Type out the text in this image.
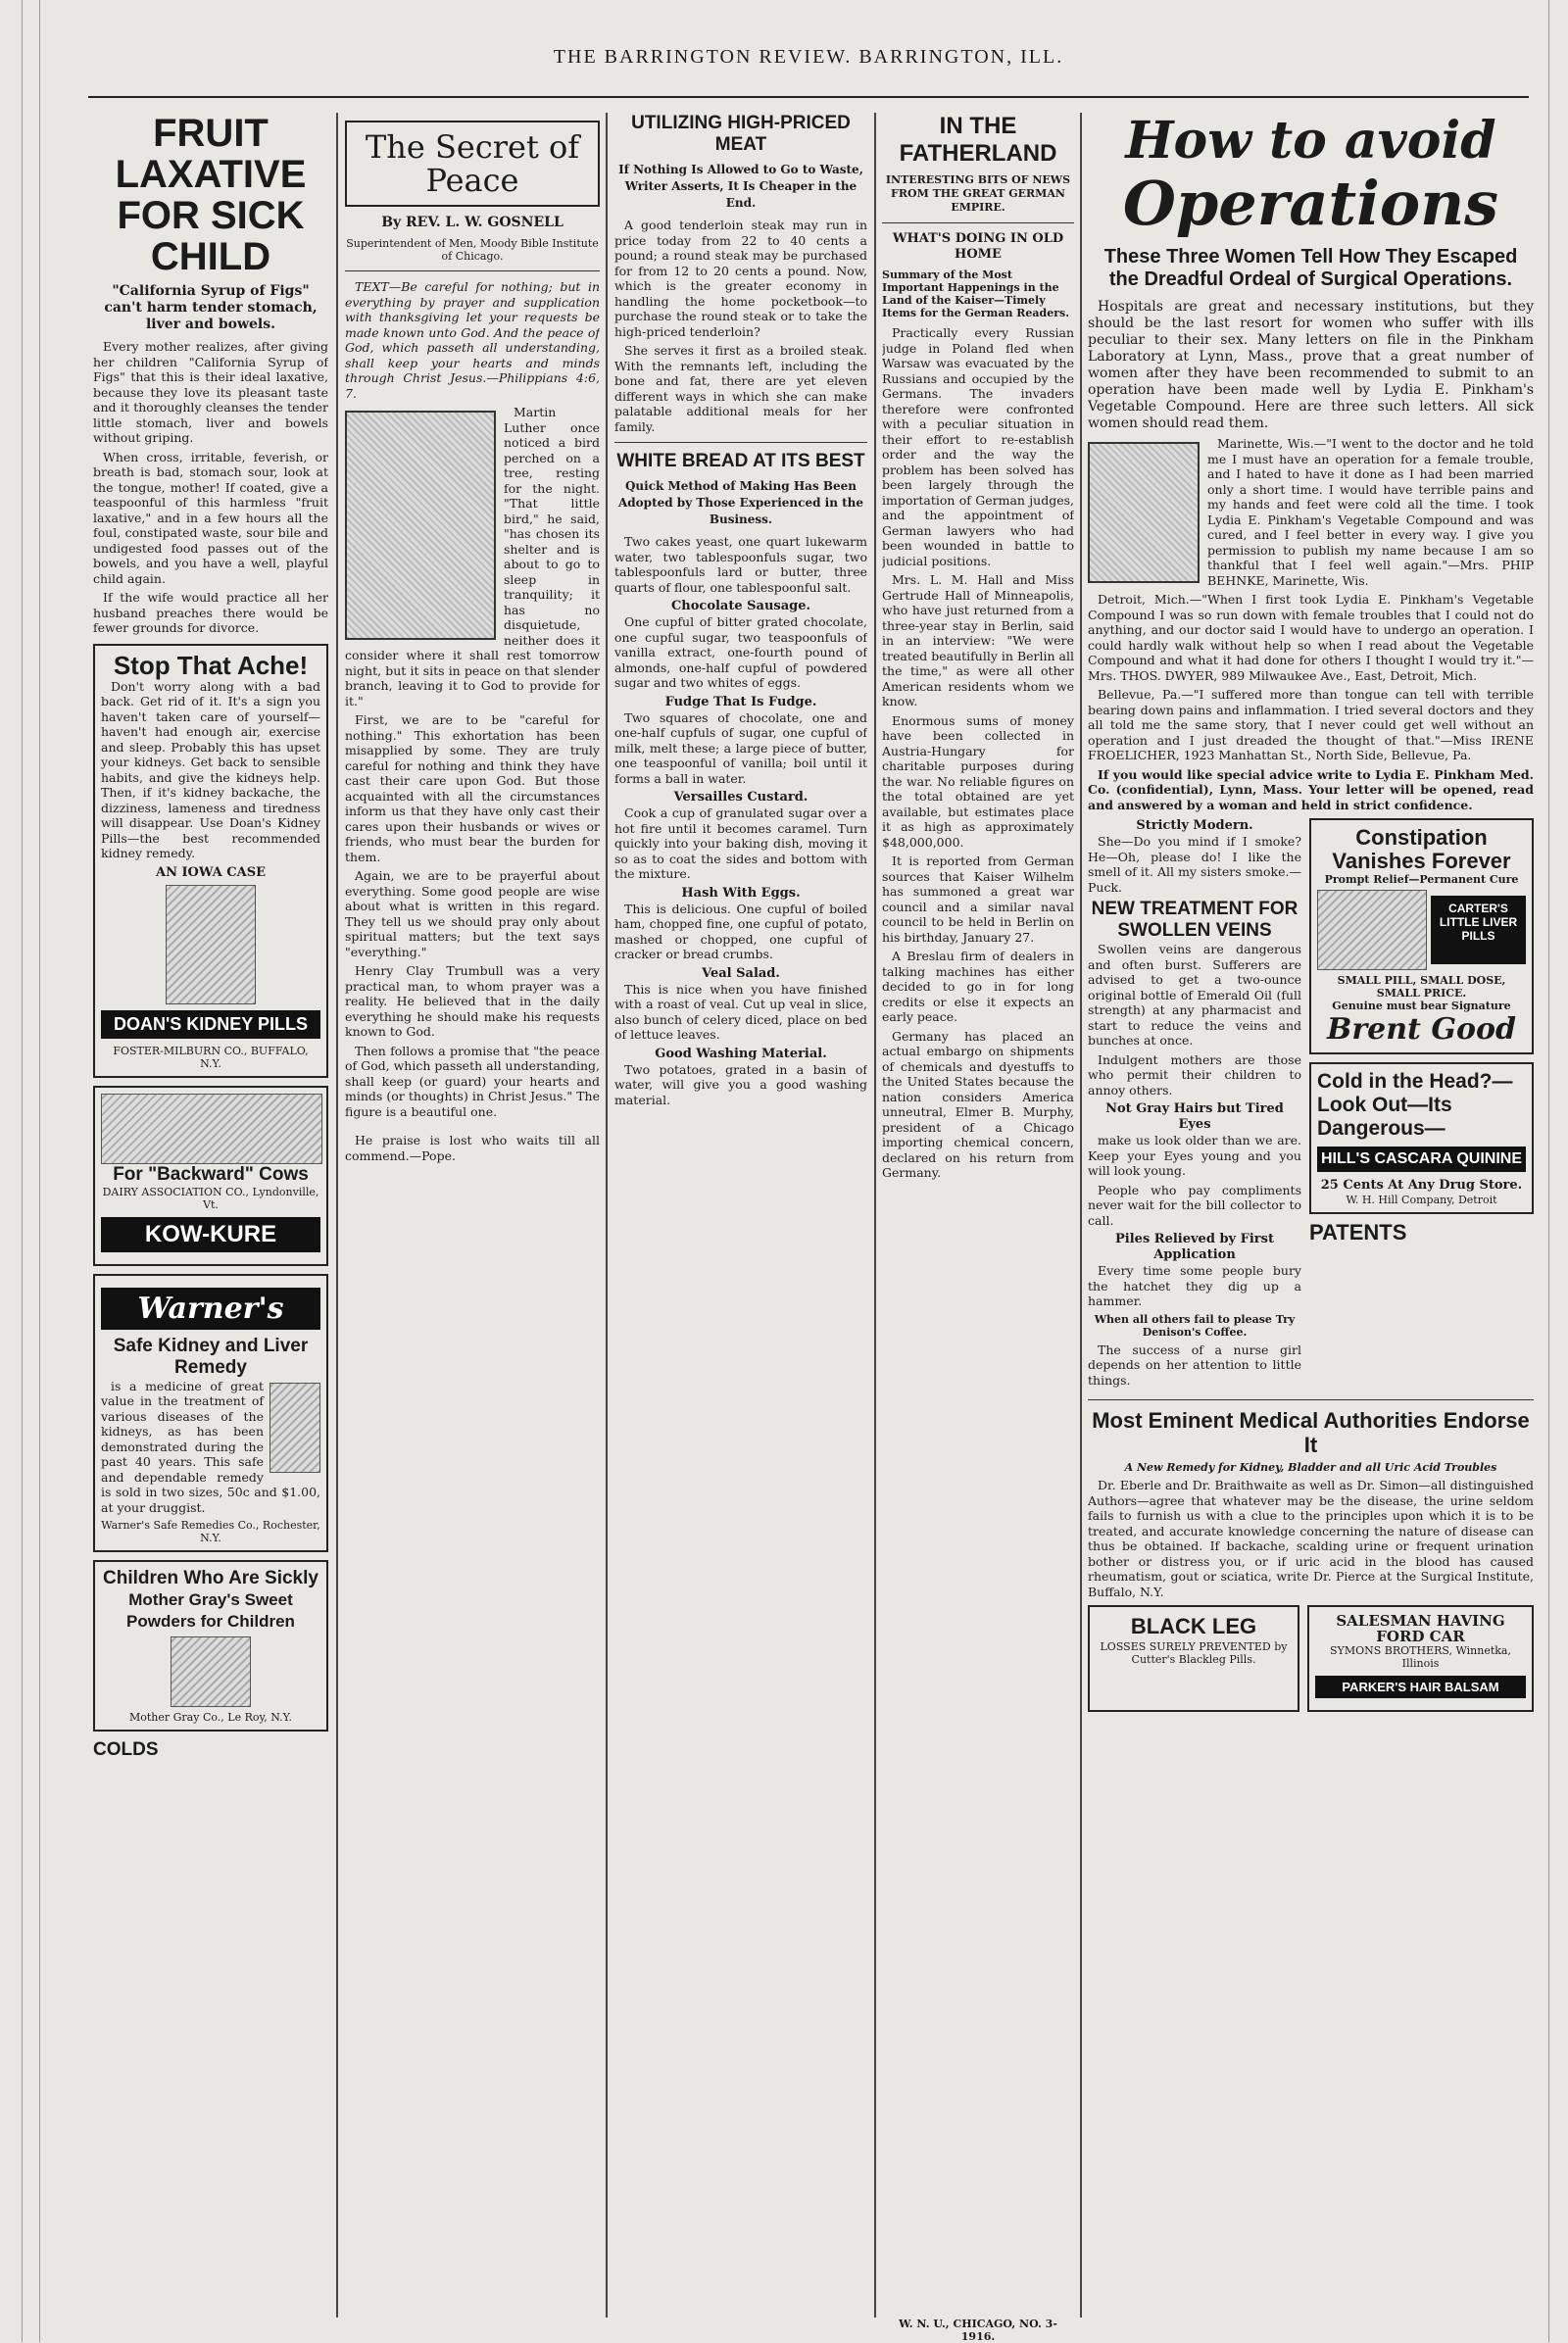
THE BARRINGTON REVIEW. BARRINGTON, ILL.
FRUIT LAXATIVE FOR SICK CHILD
"California Syrup of Figs" can't harm tender stomach, liver and bowels.

Every mother realizes, after giving her children "California Syrup of Figs" that this is their ideal laxative, because they love its pleasant taste and it thoroughly cleanses the tender little stomach, liver and bowels without griping.

When cross, irritable, feverish, or breath is bad, stomach sour, look at the tongue, mother! If coated, give a teaspoonful of this harmless "fruit laxative," and in a few hours all the foul, constipated waste, sour bile and undigested food passes out of the bowels, and you have a well, playful child again.

If the wife would practice all her husband preaches there would be fewer grounds for divorce.

Stop That Ache!

Don't worry along with a bad back. Get rid of it. It's a sign you haven't taken care of yourself—haven't had enough air, exercise and sleep. Probably this has upset your kidneys. Get back to sensible habits, and give the kidneys help. Then, if it's kidney backache, the dizziness, lameness and tiredness will disappear. Use Doan's Kidney Pills—the best recommended kidney remedy.

AN IOWA CASE
DOAN'S KIDNEY PILLS
FOSTER-MILBURN CO., BUFFALO, N.Y.
For "Backward" Cows
DAIRY ASSOCIATION CO., Lyndonville, Vt.
KOW-KURE
Warner's
Safe Kidney and Liver Remedy

is a medicine of great value in the treatment of various diseases of the kidneys, as has been demonstrated during the past 40 years. This safe and dependable remedy is sold in two sizes, 50c and $1.00, at your druggist.

Warner's Safe Remedies Co., Rochester, N.Y.
Children Who Are Sickly
Mother Gray's Sweet Powders for Children
Mother Gray Co., Le Roy, N.Y.
COLDS
The Secret of Peace
By REV. L. W. GOSNELL
Superintendent of Men, Moody Bible Institute of Chicago.

TEXT—Be careful for nothing; but in everything by prayer and supplication with thanksgiving let your requests be made known unto God. And the peace of God, which passeth all understanding, shall keep your hearts and minds through Christ Jesus.—Philippians 4:6, 7.

Martin Luther once noticed a bird perched on a tree, resting for the night. "That little bird," he said, "has chosen its shelter and is about to go to sleep in tranquility; it has no disquietude, neither does it consider where it shall rest tomorrow night, but it sits in peace on that slender branch, leaving it to God to provide for it."

First, we are to be "careful for nothing." This exhortation has been misapplied by some. They are truly careful for nothing and think they have cast their care upon God. But those acquainted with all the circumstances inform us that they have only cast their cares upon their husbands or wives or friends, who must bear the burden for them.

Again, we are to be prayerful about everything. Some good people are wise about what is written in this regard. They tell us we should pray only about spiritual matters; but the text says "everything."

Henry Clay Trumbull was a very practical man, to whom prayer was a reality. He believed that in the daily everything he should make his requests known to God.

Then follows a promise that "the peace of God, which passeth all understanding, shall keep (or guard) your hearts and minds (or thoughts) in Christ Jesus." The figure is a beautiful one.

He praise is lost who waits till all commend.—Pope.

UTILIZING HIGH-PRICED MEAT
If Nothing Is Allowed to Go to Waste, Writer Asserts, It Is Cheaper in the End.

A good tenderloin steak may run in price today from 22 to 40 cents a pound; a round steak may be purchased for from 12 to 20 cents a pound. Now, which is the greater economy in handling the home pocketbook—to purchase the round steak or to take the high-priced tenderloin?

She serves it first as a broiled steak. With the remnants left, including the bone and fat, there are yet eleven different ways in which she can make palatable additional meals for her family.

WHITE BREAD AT ITS BEST
Quick Method of Making Has Been Adopted by Those Experienced in the Business.

Two cakes yeast, one quart lukewarm water, two tablespoonfuls sugar, two tablespoonfuls lard or butter, three quarts of flour, one tablespoonful salt.

Chocolate Sausage.

One cupful of bitter grated chocolate, one cupful sugar, two teaspoonfuls of vanilla extract, one-fourth pound of almonds, one-half cupful of powdered sugar and two whites of eggs.

Fudge That Is Fudge.

Two squares of chocolate, one and one-half cupfuls of sugar, one cupful of milk, melt these; a large piece of butter, one teaspoonful of vanilla; boil until it forms a ball in water.

Versailles Custard.

Cook a cup of granulated sugar over a hot fire until it becomes caramel. Turn quickly into your baking dish, moving it so as to coat the sides and bottom with the mixture.

Hash With Eggs.

This is delicious. One cupful of boiled ham, chopped fine, one cupful of potato, mashed or chopped, one cupful of cracker or bread crumbs.

Veal Salad.

This is nice when you have finished with a roast of veal. Cut up veal in slice, also bunch of celery diced, place on bed of lettuce leaves.

Good Washing Material.

Two potatoes, grated in a basin of water, will give you a good washing material.

IN THE FATHERLAND
INTERESTING BITS OF NEWS FROM THE GREAT GERMAN EMPIRE.
WHAT'S DOING IN OLD HOME
Summary of the Most Important Happenings in the Land of the Kaiser—Timely Items for the German Readers.

Practically every Russian judge in Poland fled when Warsaw was evacuated by the Russians and occupied by the Germans. The invaders therefore were confronted with a peculiar situation in their effort to re-establish order and the way the problem has been solved has been largely through the importation of German judges, and the appointment of German lawyers who had been wounded in battle to judicial positions.

Mrs. L. M. Hall and Miss Gertrude Hall of Minneapolis, who have just returned from a three-year stay in Berlin, said in an interview: "We were treated beautifully in Berlin all the time," as were all other American residents whom we know.

Enormous sums of money have been collected in Austria-Hungary for charitable purposes during the war. No reliable figures on the total obtained are yet available, but estimates place it as high as approximately $48,000,000.

It is reported from German sources that Kaiser Wilhelm has summoned a great war council and a similar naval council to be held in Berlin on his birthday, January 27.

A Breslau firm of dealers in talking machines has either decided to go in for long credits or else it expects an early peace.

Germany has placed an actual embargo on shipments of chemicals and dyestuffs to the United States because the nation considers America unneutral, Elmer B. Murphy, president of a Chicago importing chemical concern, declared on his return from Germany.

W. N. U., CHICAGO, NO. 3-1916.
How to avoid
Operations
These Three Women Tell How They Escaped the Dreadful Ordeal of Surgical Operations.

Hospitals are great and necessary institutions, but they should be the last resort for women who suffer with ills peculiar to their sex. Many letters on file in the Pinkham Laboratory at Lynn, Mass., prove that a great number of women after they have been recommended to submit to an operation have been made well by Lydia E. Pinkham's Vegetable Compound. Here are three such letters. All sick women should read them.

Marinette, Wis.—"I went to the doctor and he told me I must have an operation for a female trouble, and I hated to have it done as I had been married only a short time. I would have terrible pains and my hands and feet were cold all the time. I took Lydia E. Pinkham's Vegetable Compound and was cured, and I feel better in every way. I give you permission to publish my name because I am so thankful that I feel well again."—Mrs. PHIP BEHNKE, Marinette, Wis.

Detroit, Mich.—"When I first took Lydia E. Pinkham's Vegetable Compound I was so run down with female troubles that I could not do anything, and our doctor said I would have to undergo an operation. I could hardly walk without help so when I read about the Vegetable Compound and what it had done for others I thought I would try it."—Mrs. THOS. DWYER, 989 Milwaukee Ave., East, Detroit, Mich.

Bellevue, Pa.—"I suffered more than tongue can tell with terrible bearing down pains and inflammation. I tried several doctors and they all told me the same story, that I never could get well without an operation and I just dreaded the thought of that."—Miss IRENE FROELICHER, 1923 Manhattan St., North Side, Bellevue, Pa.

If you would like special advice write to Lydia E. Pinkham Med. Co. (confidential), Lynn, Mass. Your letter will be opened, read and answered by a woman and held in strict confidence.

Strictly Modern.

She—Do you mind if I smoke? He—Oh, please do! I like the smell of it. All my sisters smoke.—Puck.

NEW TREATMENT FOR SWOLLEN VEINS

Swollen veins are dangerous and often burst. Sufferers are advised to get a two-ounce original bottle of Emerald Oil (full strength) at any pharmacist and start to reduce the veins and bunches at once.

Indulgent mothers are those who permit their children to annoy others.

Not Gray Hairs but Tired Eyes

make us look older than we are. Keep your Eyes young and you will look young.

People who pay compliments never wait for the bill collector to call.

Piles Relieved by First Application

Every time some people bury the hatchet they dig up a hammer.

When all others fail to please Try Denison's Coffee.

The success of a nurse girl depends on her attention to little things.

Constipation Vanishes Forever
Prompt Relief—Permanent Cure
CARTER'S LITTLE LIVER PILLS
SMALL PILL, SMALL DOSE, SMALL PRICE.
Genuine must bear Signature
Brent Good
Cold in the Head?—Look Out—Its Dangerous—
HILL'S CASCARA QUININE
25 Cents At Any Drug Store.
W. H. Hill Company, Detroit
PATENTS
Most Eminent Medical Authorities Endorse It
A New Remedy for Kidney, Bladder and all Uric Acid Troubles

Dr. Eberle and Dr. Braithwaite as well as Dr. Simon—all distinguished Authors—agree that whatever may be the disease, the urine seldom fails to furnish us with a clue to the principles upon which it is to be treated, and accurate knowledge concerning the nature of disease can thus be obtained. If backache, scalding urine or frequent urination bother or distress you, or if uric acid in the blood has caused rheumatism, gout or sciatica, write Dr. Pierce at the Surgical Institute, Buffalo, N.Y.

BLACK LEG
LOSSES SURELY PREVENTED by Cutter's Blackleg Pills.
SALESMAN HAVING FORD CAR
SYMONS BROTHERS, Winnetka, Illinois
PARKER'S HAIR BALSAM
